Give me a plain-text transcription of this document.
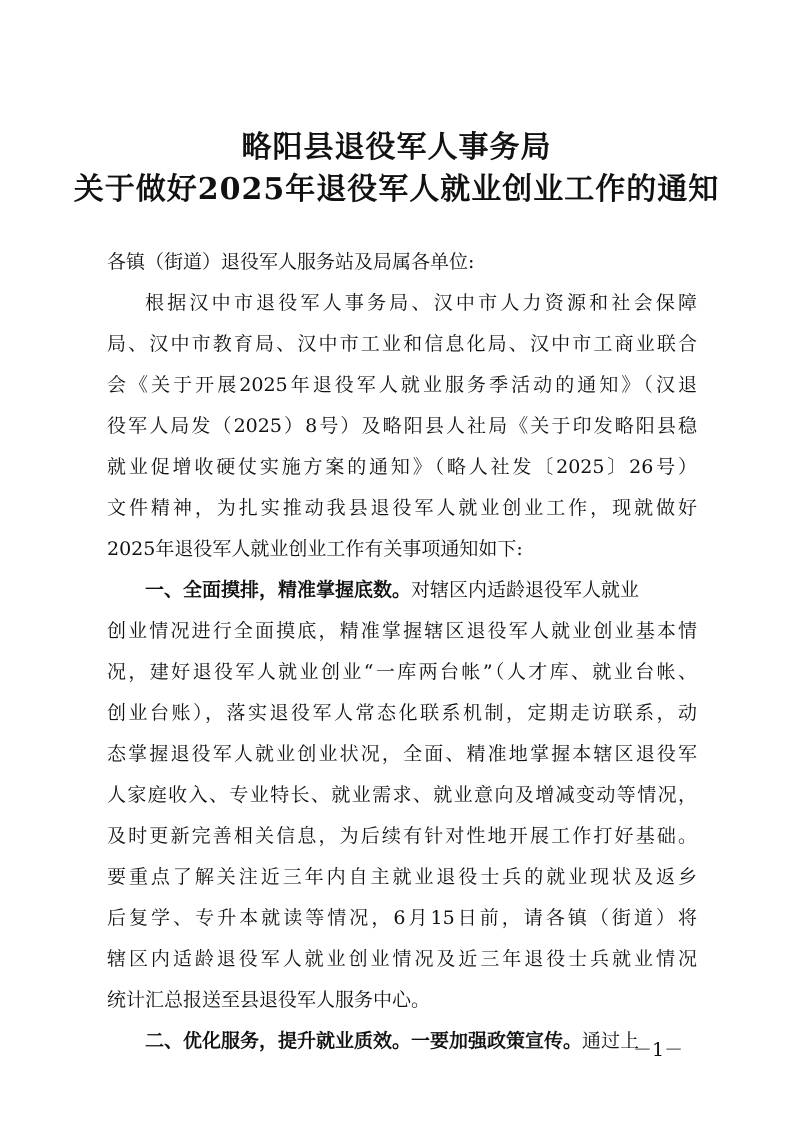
略阳县退役军人事务局
关于做好2025年退役军人就业创业工作的通知

各镇（街道）退役军人服务站及局属各单位:

根据汉中市退役军人事务局、汉中市人力资源和社会保障

局、汉中市教育局、汉中市工业和信息化局、汉中市工商业联合

会《关于开展2025年退役军人就业服务季活动的通知》（汉退

役军人局发（2025）8号）及略阳县人社局《关于印发略阳县稳

就业促增收硬仗实施方案的通知》（略人社发〔2025〕26号）

文件精神，为扎实推动我县退役军人就业创业工作，现就做好

2025年退役军人就业创业工作有关事项通知如下:

一、全面摸排，精准掌握底数。对辖区内适龄退役军人就业

创业情况进行全面摸底，精准掌握辖区退役军人就业创业基本情

况，建好退役军人就业创业“一库两台帐”（人才库、就业台帐、

创业台账），落实退役军人常态化联系机制，定期走访联系，动

态掌握退役军人就业创业状况，全面、精准地掌握本辖区退役军

人家庭收入、专业特长、就业需求、就业意向及增减变动等情况，

及时更新完善相关信息，为后续有针对性地开展工作打好基础。

要重点了解关注近三年内自主就业退役士兵的就业现状及返乡

后复学、专升本就读等情况，6月15日前，请各镇（街道）将

辖区内适龄退役军人就业创业情况及近三年退役士兵就业情况

统计汇总报送至县退役军人服务中心。

二、优化服务，提升就业质效。一要加强政策宣传。通过上

－1－
